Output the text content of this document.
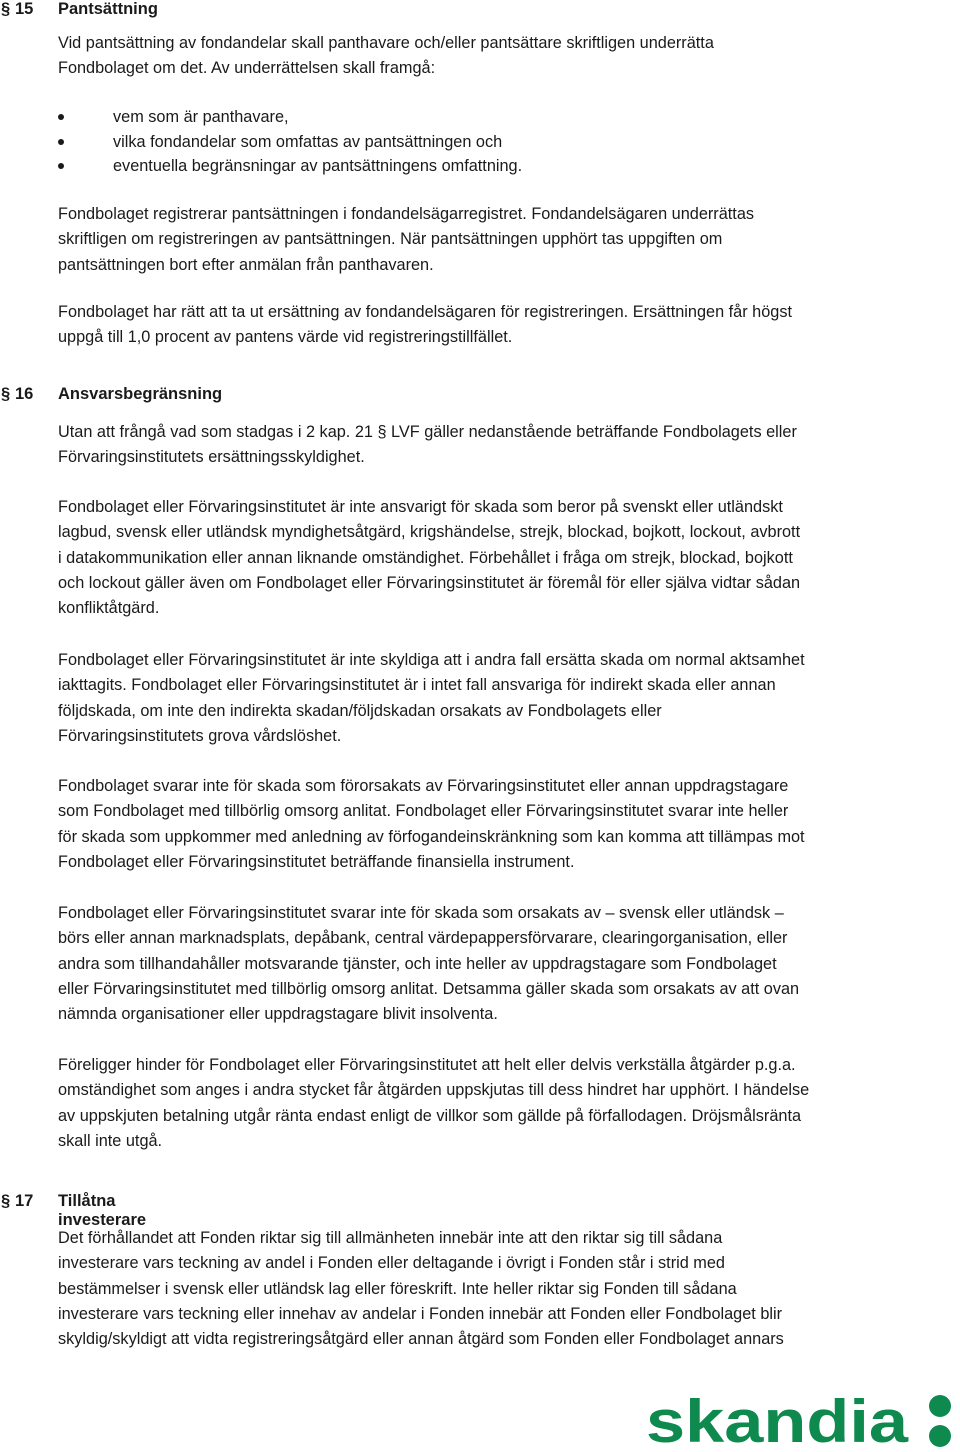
§ 15 Pantsättning

Vid pantsättning av fondandelar skall panthavare och/eller pantsättare skriftligen underrätta
Fondbolaget om det. Av underrättelsen skall framgå:

vem som är panthavare,
vilka fondandelar som omfattas av pantsättningen och
eventuella begränsningar av pantsättningens omfattning.

Fondbolaget registrerar pantsättningen i fondandelsägarregistret. Fondandelsägaren underrättas
skriftligen om registreringen av pantsättningen. När pantsättningen upphört tas uppgiften om
pantsättningen bort efter anmälan från panthavaren.

Fondbolaget har rätt att ta ut ersättning av fondandelsägaren för registreringen. Ersättningen får högst
uppgå till 1,0 procent av pantens värde vid registreringstillfället.

§ 16 Ansvarsbegränsning

Utan att frångå vad som stadgas i 2 kap. 21 § LVF gäller nedanstående beträffande Fondbolagets eller
Förvaringsinstitutets ersättningsskyldighet.

Fondbolaget eller Förvaringsinstitutet är inte ansvarigt för skada som beror på svenskt eller utländskt
lagbud, svensk eller utländsk myndighetsåtgärd, krigshändelse, strejk, blockad, bojkott, lockout, avbrott
i datakommunikation eller annan liknande omständighet. Förbehållet i fråga om strejk, blockad, bojkott
och lockout gäller även om Fondbolaget eller Förvaringsinstitutet är föremål för eller själva vidtar sådan
konfliktåtgärd.

Fondbolaget eller Förvaringsinstitutet är inte skyldiga att i andra fall ersätta skada om normal aktsamhet
iakttagits. Fondbolaget eller Förvaringsinstitutet är i intet fall ansvariga för indirekt skada eller annan
följdskada, om inte den indirekta skadan/följdskadan orsakats av Fondbolagets eller
Förvaringsinstitutets grova vårdslöshet.

Fondbolaget svarar inte för skada som förorsakats av Förvaringsinstitutet eller annan uppdragstagare
som Fondbolaget med tillbörlig omsorg anlitat. Fondbolaget eller Förvaringsinstitutet svarar inte heller
för skada som uppkommer med anledning av förfogandeinskränkning som kan komma att tillämpas mot
Fondbolaget eller Förvaringsinstitutet beträffande finansiella instrument.

Fondbolaget eller Förvaringsinstitutet svarar inte för skada som orsakats av – svensk eller utländsk –
börs eller annan marknadsplats, depåbank, central värdepappersförvarare, clearingorganisation, eller
andra som tillhandahåller motsvarande tjänster, och inte heller av uppdragstagare som Fondbolaget
eller Förvaringsinstitutet med tillbörlig omsorg anlitat. Detsamma gäller skada som orsakats av att ovan
nämnda organisationer eller uppdragstagare blivit insolventa.

Föreligger hinder för Fondbolaget eller Förvaringsinstitutet att helt eller delvis verkställa åtgärder p.g.a.
omständighet som anges i andra stycket får åtgärden uppskjutas till dess hindret har upphört. I händelse
av uppskjuten betalning utgår ränta endast enligt de villkor som gällde på förfallodagen. Dröjsmålsränta
skall inte utgå.

§ 17 Tillåtna investerare

Det förhållandet att Fonden riktar sig till allmänheten innebär inte att den riktar sig till sådana
investerare vars teckning av andel i Fonden eller deltagande i övrigt i Fonden står i strid med
bestämmelser i svensk eller utländsk lag eller föreskrift. Inte heller riktar sig Fonden till sådana
investerare vars teckning eller innehav av andelar i Fonden innebär att Fonden eller Fondbolaget blir
skyldig/skyldigt att vidta registreringsåtgärd eller annan åtgärd som Fonden eller Fondbolaget annars

skandia
